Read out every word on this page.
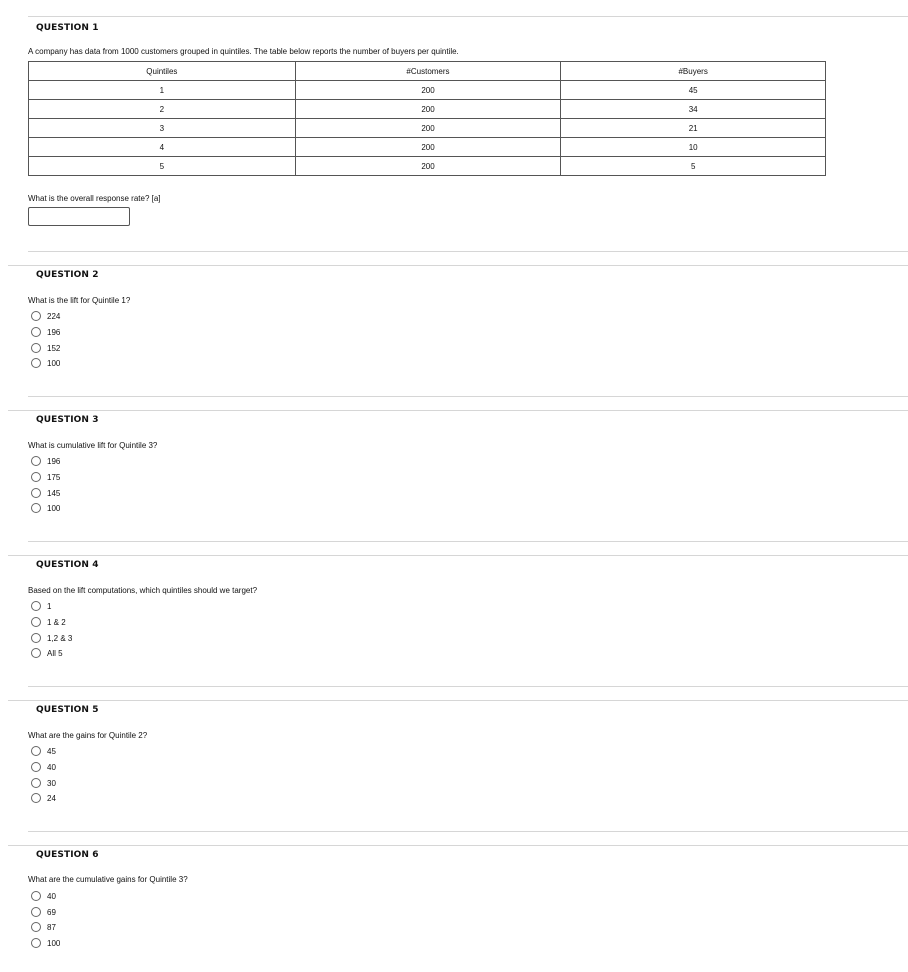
QUESTION 1
A company has data from 1000 customers grouped in quintiles. The table below reports the number of buyers per quintile.
Quintiles	#Customers	#Buyers
1	200	45
2	200	34
3	200	21
4	200	10
5	200	5
What is the overall response rate? [a]
QUESTION 2
What is the lift for Quintile 1?
224
196
152
100
QUESTION 3
What is cumulative lift for Quintile 3?
196
175
145
100
QUESTION 4
Based on the lift computations, which quintiles should we target?
1
1 & 2
1,2 & 3
All 5
QUESTION 5
What are the gains for Quintile 2?
45
40
30
24
QUESTION 6
What are the cumulative gains for Quintile 3?
40
69
87
100
